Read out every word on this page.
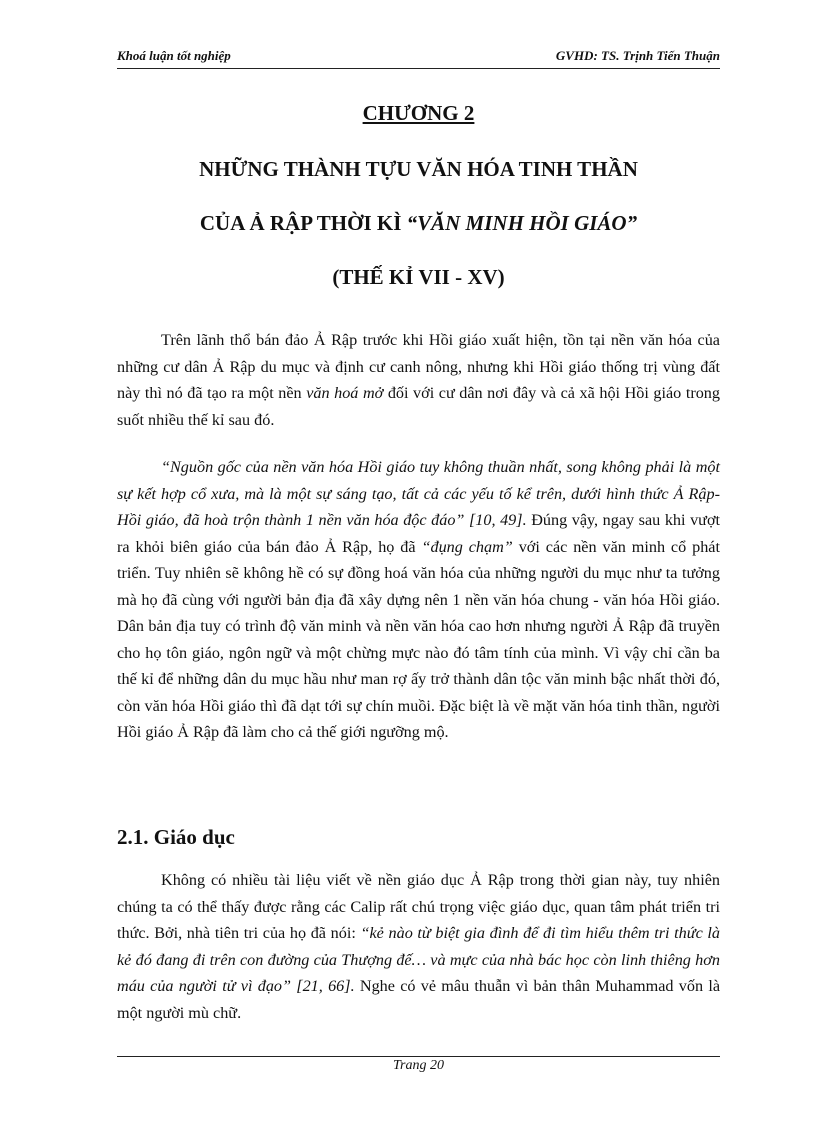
Khoá luận tốt nghiệp	GVHD: TS. Trịnh Tiến Thuận
CHƯƠNG 2
NHỮNG THÀNH TỰU VĂN HÓA TINH THẦN
CỦA Ả RẬP THỜI KÌ “VĂN MINH HỒI GIÁO”
(THẾ KỈ VII - XV)

Trên lãnh thổ bán đảo Ả Rập trước khi Hồi giáo xuất hiện, tồn tại nền văn hóa của những cư dân Ả Rập du mục và định cư canh nông, nhưng khi Hồi giáo thống trị vùng đất này thì nó đã tạo ra một nền văn hoá mở đối với cư dân nơi đây và cả xã hội Hồi giáo trong suốt nhiều thế kỉ sau đó.

“Nguồn gốc của nền văn hóa Hồi giáo tuy không thuần nhất, song không phải là một sự kết hợp cổ xưa, mà là một sự sáng tạo, tất cả các yếu tố kể trên, dưới hình thức Ả Rập- Hồi giáo, đã hoà trộn thành 1 nền văn hóa độc đáo” [10, 49]. Đúng vậy, ngay sau khi vượt ra khỏi biên giáo của bán đảo Ả Rập, họ đã “đụng chạm” với các nền văn minh cổ phát triển. Tuy nhiên sẽ không hề có sự đồng hoá văn hóa của những người du mục như ta tưởng mà họ đã cùng với người bản địa đã xây dựng nên 1 nền văn hóa chung - văn hóa Hồi giáo. Dân bản địa tuy có trình độ văn minh và nền văn hóa cao hơn nhưng người Ả Rập đã truyền cho họ tôn giáo, ngôn ngữ và một chừng mực nào đó tâm tính của mình. Vì vậy chỉ cần ba thế kỉ để những dân du mục hầu như man rợ ấy trở thành dân tộc văn minh bậc nhất thời đó, còn văn hóa Hồi giáo thì đã dạt tới sự chín muồi. Đặc biệt là về mặt văn hóa tinh thần, người Hồi giáo Ả Rập đã làm cho cả thế giới ngưỡng mộ.

2.1. Giáo dục

Không có nhiều tài liệu viết về nền giáo dục Ả Rập trong thời gian này, tuy nhiên chúng ta có thể thấy được rằng các Calip rất chú trọng việc giáo dục, quan tâm phát triển tri thức. Bởi, nhà tiên tri của họ đã nói: “kẻ nào từ biệt gia đình để đi tìm hiểu thêm tri thức là kẻ đó đang đi trên con đường của Thượng đế… và mực của nhà bác học còn linh thiêng hơn máu của người tử vì đạo” [21, 66]. Nghe có vẻ mâu thuẫn vì bản thân Muhammad vốn là một người mù chữ.

Trang 20
